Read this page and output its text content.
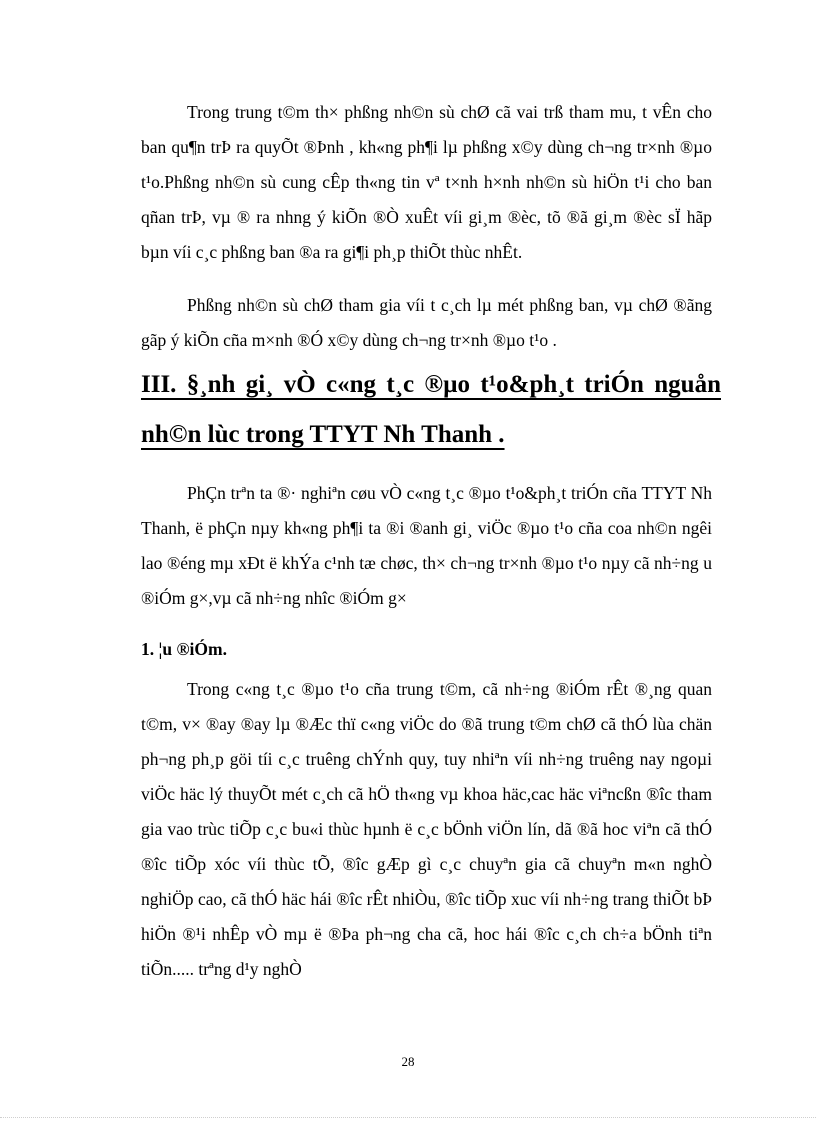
Trong trung t©m th× phßng nh©n sù chØ cã vai trß tham mu, t vÊn cho ban qu¶n trÞ ra quyÕt ®Þnh , kh«ng ph¶i lµ phßng x©y dùng ch¬ng tr×nh ®µo t¹o.Phßng nh©n sù cung cÊp th«ng tin vª t×nh h×nh nh©n sù hiÖn t¹i cho ban qñan trÞ, vµ ® ra nhng ý kiÕn ®Ò xuÊt víi gi¸m ®èc, tõ ®ã gi¸m ®èc sÏ hãp bµn víi c¸c phßng ban ®a ra gi¶i ph¸p thiÕt thùc nhÊt.

Phßng nh©n sù chØ tham gia víi t c¸ch lµ mét phßng ban, vµ chØ ®ãng gãp ý kiÕn cña m×nh ®Ó x©y dùng ch¬ng tr×nh ®µo t¹o .

III. §¸nh gi¸ vÒ c«ng t¸c ®µo t¹o&ph¸t triÓn nguån nh©n lùc trong TTYT Nh Thanh .

PhÇn trªn ta ®· nghiªn cøu vÒ c«ng t¸c ®µo t¹o&ph¸t triÓn cña TTYT Nh Thanh, ë phÇn nµy kh«ng ph¶i ta ®i ®anh gi¸ viÖc ®µo t¹o cña coa nh©n ngêi lao ®éng mµ xÐt ë khÝa c¹nh tæ chøc, th× ch¬ng tr×nh ®µo t¹o nµy cã nh÷ng u ®iÓm g×,vµ cã nh÷ng nhîc ®iÓm g×

1. ¦u ®iÓm.

Trong c«ng t¸c ®µo t¹o cña trung t©m, cã nh÷ng ®iÓm rÊt ®¸ng quan t©m, v× ®ay ®ay lµ ®Æc thï c«ng viÖc do ®ã trung t©m chØ cã thÓ lùa chän ph¬ng ph¸p göi tíi c¸c truêng chÝnh quy, tuy nhiªn víi nh÷ng truêng nay ngoµi viÖc häc lý thuyÕt mét c¸ch cã hÖ th«ng vµ khoa häc,cac häc viªncßn ®îc tham gia vao trùc tiÕp c¸c bu«i thùc hµnh ë c¸c bÖnh viÖn lín, dã ®ã hoc viªn cã thÓ ®îc tiÕp xóc víi thùc tÕ, ®îc gÆp gì c¸c chuyªn gia cã chuyªn m«n nghÒ nghiÖp cao, cã thÓ häc hái ®îc rÊt nhiÒu, ®îc tiÕp xuc víi nh÷ng trang thiÕt bÞ hiÖn ®¹i nhÊp vÒ mµ ë ®Þa ph¬ng cha cã, hoc hái ®îc c¸ch ch÷a bÖnh tiªn tiÕn..... trªng d¹y nghÒ

28
